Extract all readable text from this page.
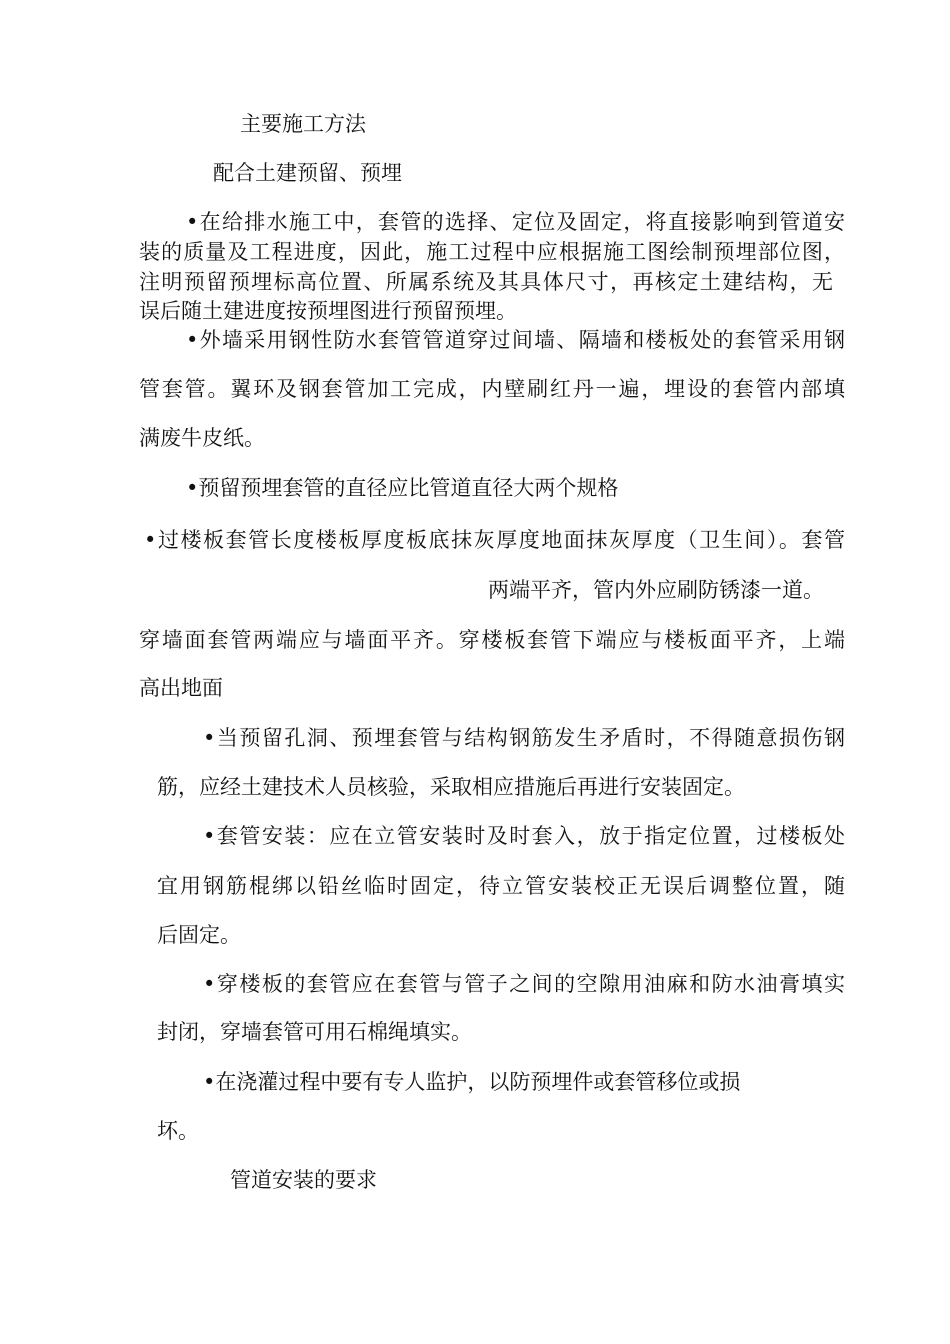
主要施工方法
配合土建预留、预埋
•在给排水施工中，套管的选择、定位及固定，将直接影响到管道安
装的质量及工程进度，因此，施工过程中应根据施工图绘制预埋部位图，
注明预留预埋标高位置、所属系统及其具体尺寸，再核定土建结构，无
误后随土建进度按预埋图进行预留预埋。
•外墙采用钢性防水套管管道穿过间墙、隔墙和楼板处的套管采用钢
管套管。翼环及钢套管加工完成，内壁刷红丹一遍，埋设的套管内部填
满废牛皮纸。
•预留预埋套管的直径应比管道直径大两个规格
•过楼板套管长度楼板厚度板底抹灰厚度地面抹灰厚度（卫生间）。套管
两端平齐，管内外应刷防锈漆一道。
穿墙面套管两端应与墙面平齐。穿楼板套管下端应与楼板面平齐，上端
高出地面
•当预留孔洞、预埋套管与结构钢筋发生矛盾时，不得随意损伤钢
筋，应经土建技术人员核验，采取相应措施后再进行安装固定。
•套管安装：应在立管安装时及时套入，放于指定位置，过楼板处
宜用钢筋棍绑以铅丝临时固定，待立管安装校正无误后调整位置，随
后固定。
•穿楼板的套管应在套管与管子之间的空隙用油麻和防水油膏填实
封闭，穿墙套管可用石棉绳填实。
•在浇灌过程中要有专人监护，以防预埋件或套管移位或损
坏。
管道安装的要求
